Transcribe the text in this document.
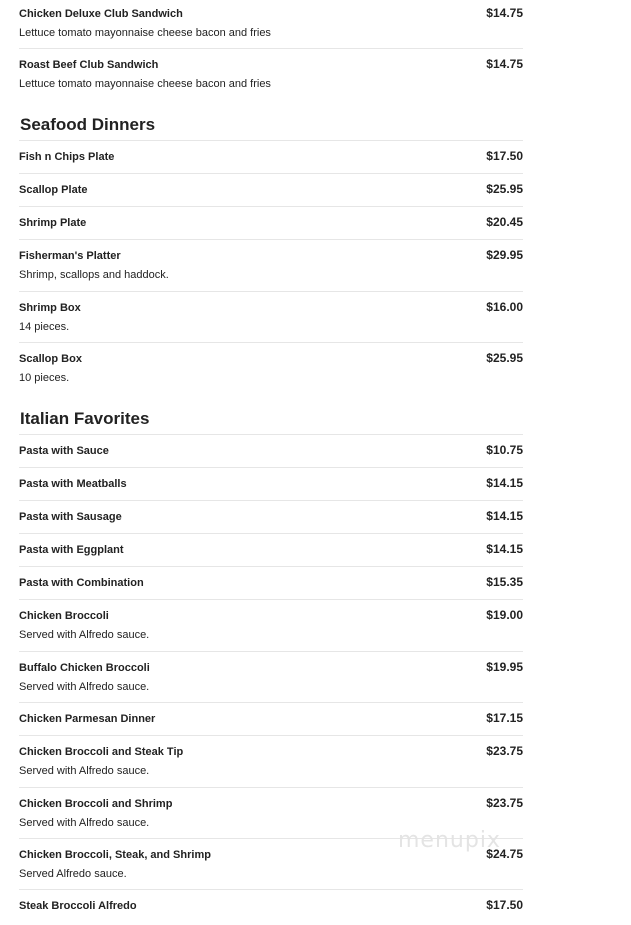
Chicken Deluxe Club Sandwich	$14.75
Lettuce tomato mayonnaise cheese bacon and fries
Roast Beef Club Sandwich	$14.75
Lettuce tomato mayonnaise cheese bacon and fries
Seafood Dinners
Fish n Chips Plate	$17.50
Scallop Plate	$25.95
Shrimp Plate	$20.45
Fisherman's Platter	$29.95
Shrimp, scallops and haddock.
Shrimp Box	$16.00
14 pieces.
Scallop Box	$25.95
10 pieces.
Italian Favorites
Pasta with Sauce	$10.75
Pasta with Meatballs	$14.15
Pasta with Sausage	$14.15
Pasta with Eggplant	$14.15
Pasta with Combination	$15.35
Chicken Broccoli	$19.00
Served with Alfredo sauce.
Buffalo Chicken Broccoli	$19.95
Served with Alfredo sauce.
Chicken Parmesan Dinner	$17.15
Chicken Broccoli and Steak Tip	$23.75
Served with Alfredo sauce.
Chicken Broccoli and Shrimp	$23.75
Served with Alfredo sauce.
Chicken Broccoli, Steak, and Shrimp	$24.75
Served Alfredo sauce.
Steak Broccoli Alfredo	$17.50
menupix
